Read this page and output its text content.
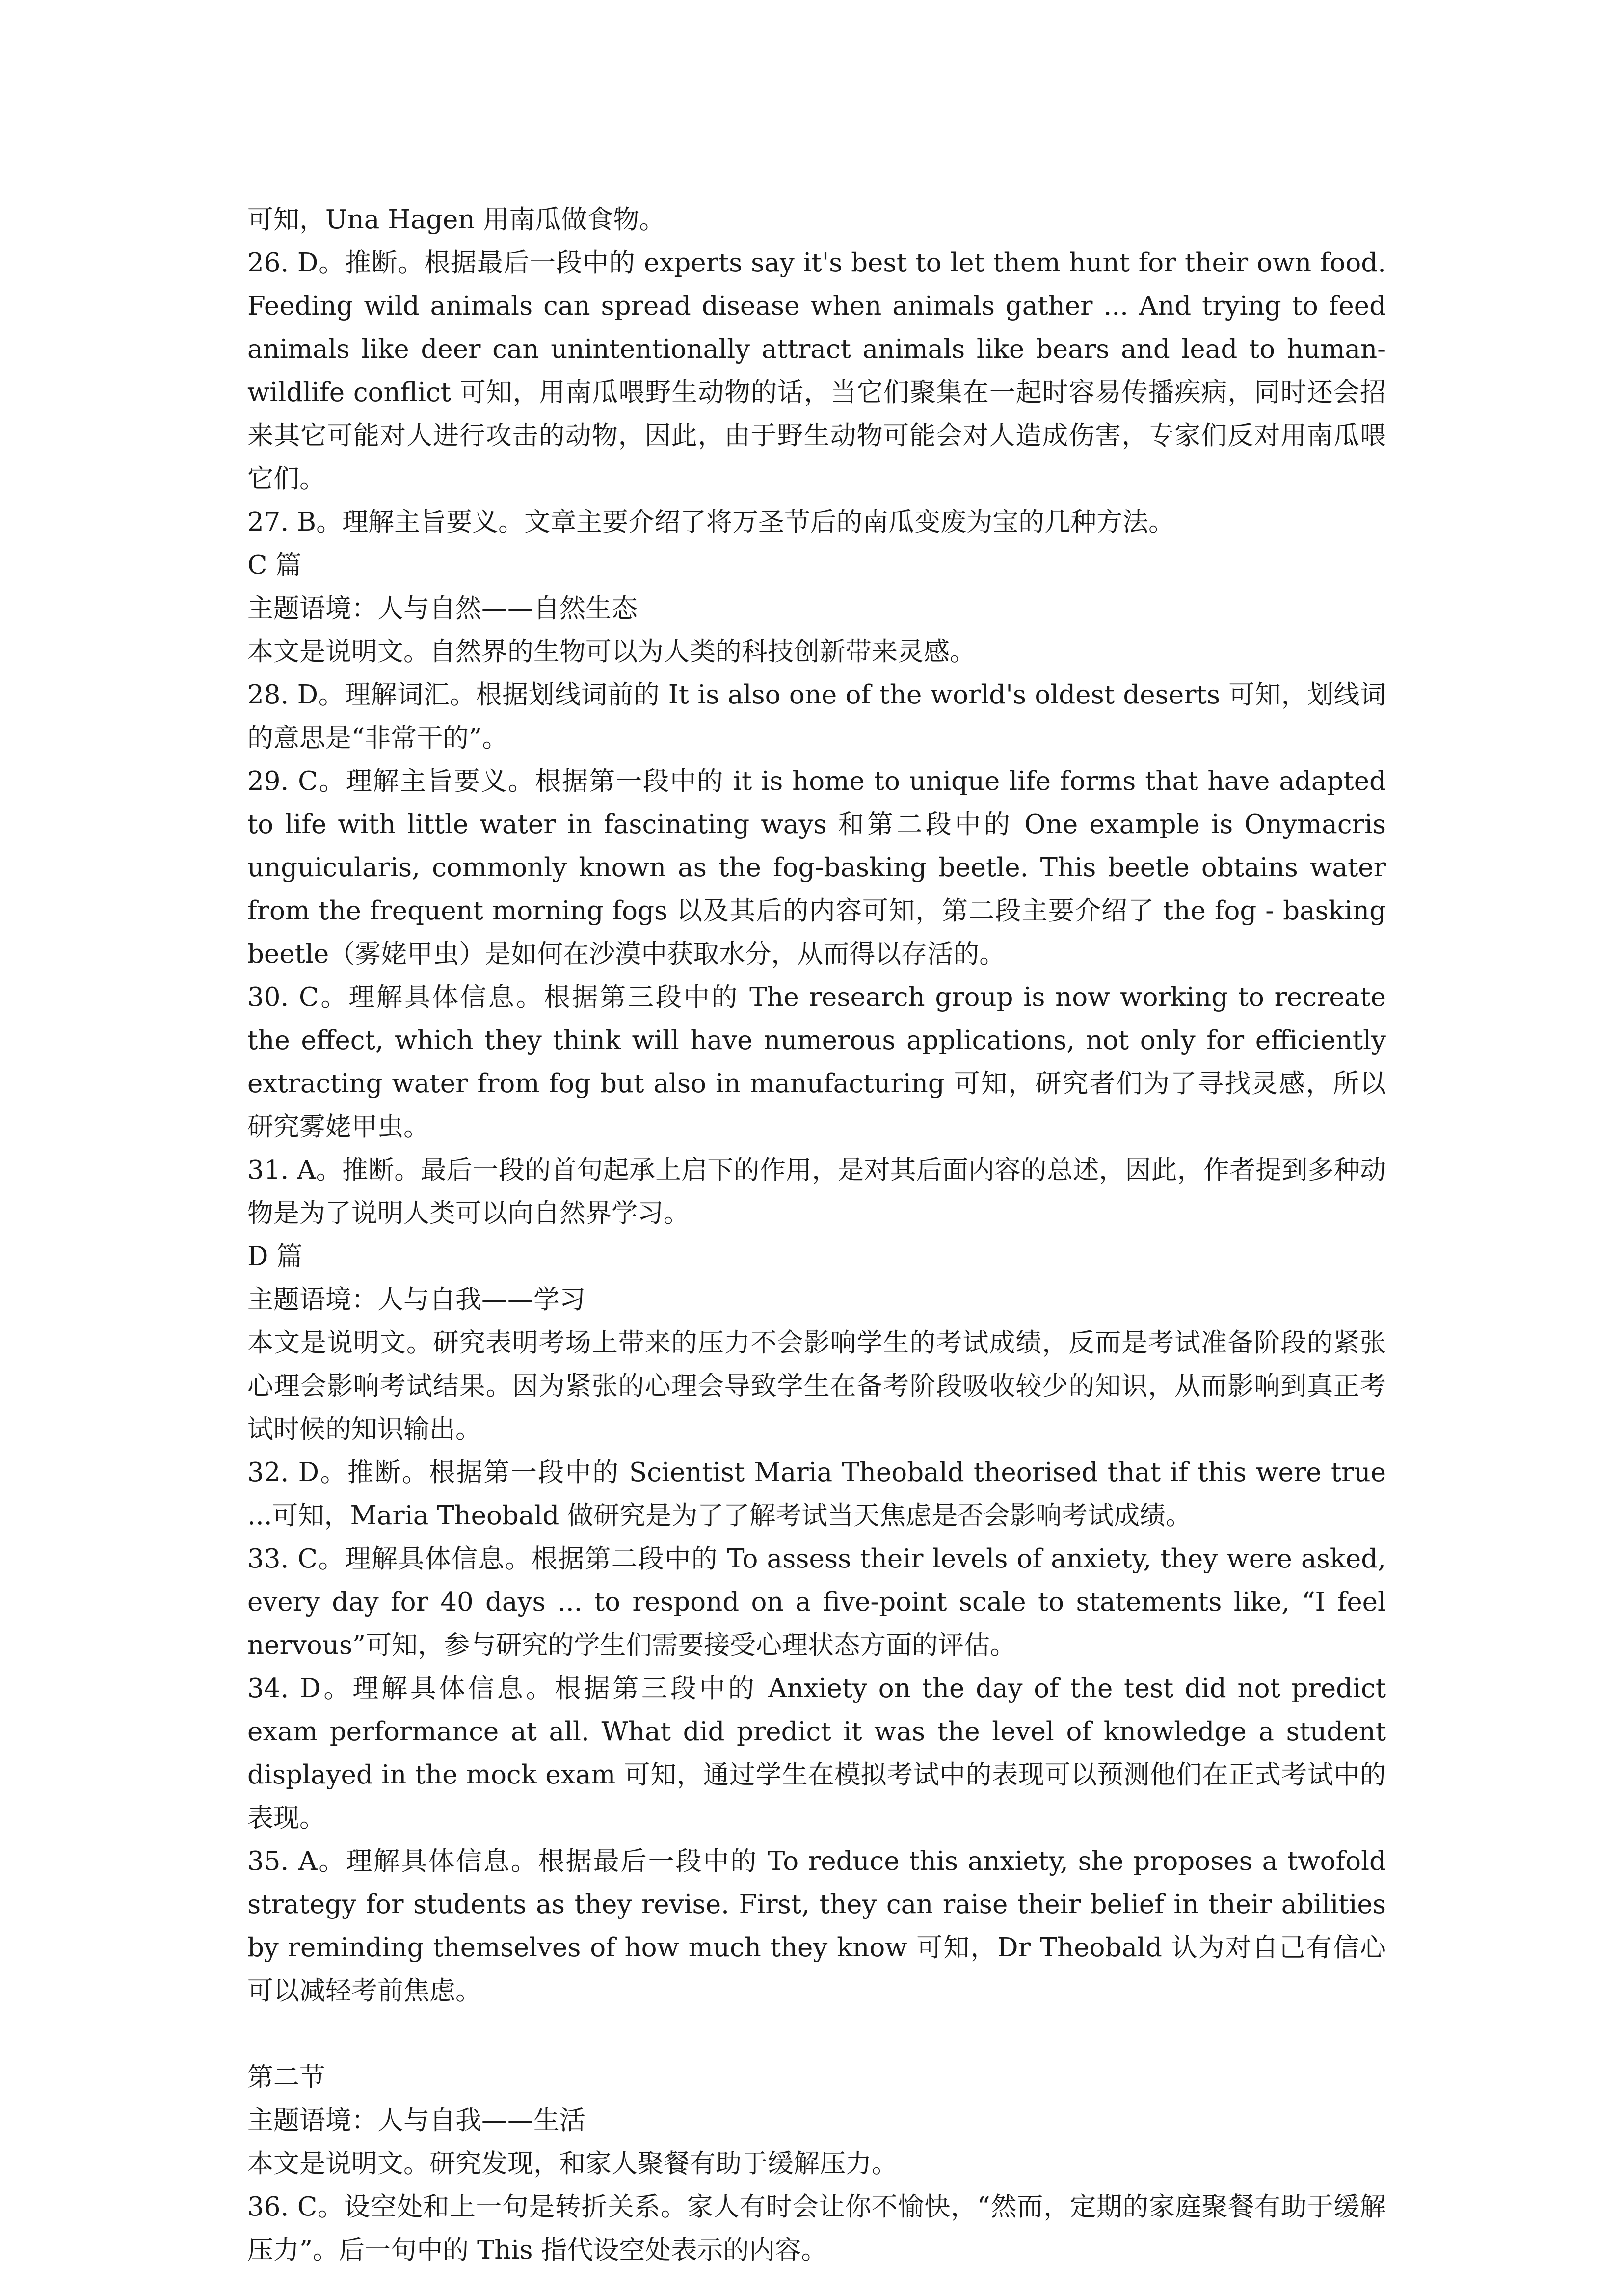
可知，Una Hagen 用南瓜做食物。

26. D。推断。根据最后一段中的 experts say it's best to let them hunt for their own food. Feeding wild animals can spread disease when animals gather ... And trying to feed animals like deer can unintentionally attract animals like bears and lead to human-wildlife conflict 可知，用南瓜喂野生动物的话，当它们聚集在一起时容易传播疾病，同时还会招来其它可能对人进行攻击的动物，因此，由于野生动物可能会对人造成伤害，专家们反对用南瓜喂它们。

27. B。理解主旨要义。文章主要介绍了将万圣节后的南瓜变废为宝的几种方法。

C 篇

主题语境：人与自然——自然生态

本文是说明文。自然界的生物可以为人类的科技创新带来灵感。

28. D。理解词汇。根据划线词前的 It is also one of the world's oldest deserts 可知，划线词的意思是“非常干的”。

29. C。理解主旨要义。根据第一段中的 it is home to unique life forms that have adapted to life with little water in fascinating ways 和第二段中的 One example is Onymacris unguicularis, commonly known as the fog-basking beetle. This beetle obtains water from the frequent morning fogs 以及其后的内容可知，第二段主要介绍了 the fog - basking beetle（雾姥甲虫）是如何在沙漠中获取水分，从而得以存活的。

30. C。理解具体信息。根据第三段中的 The research group is now working to recreate the effect, which they think will have numerous applications, not only for efficiently extracting water from fog but also in manufacturing 可知，研究者们为了寻找灵感，所以研究雾姥甲虫。

31. A。推断。最后一段的首句起承上启下的作用，是对其后面内容的总述，因此，作者提到多种动物是为了说明人类可以向自然界学习。

D 篇

主题语境：人与自我——学习

本文是说明文。研究表明考场上带来的压力不会影响学生的考试成绩，反而是考试准备阶段的紧张心理会影响考试结果。因为紧张的心理会导致学生在备考阶段吸收较少的知识，从而影响到真正考试时候的知识输出。

32. D。推断。根据第一段中的 Scientist Maria Theobald theorised that if this were true ...可知，Maria Theobald 做研究是为了了解考试当天焦虑是否会影响考试成绩。

33. C。理解具体信息。根据第二段中的 To assess their levels of anxiety, they were asked, every day for 40 days ... to respond on a five-point scale to statements like, “I feel nervous”可知，参与研究的学生们需要接受心理状态方面的评估。

34. D。理解具体信息。根据第三段中的 Anxiety on the day of the test did not predict exam performance at all. What did predict it was the level of knowledge a student displayed in the mock exam 可知，通过学生在模拟考试中的表现可以预测他们在正式考试中的表现。

35. A。理解具体信息。根据最后一段中的 To reduce this anxiety, she proposes a twofold strategy for students as they revise. First, they can raise their belief in their abilities by reminding themselves of how much they know 可知，Dr Theobald 认为对自己有信心可以减轻考前焦虑。

第二节

主题语境：人与自我——生活

本文是说明文。研究发现，和家人聚餐有助于缓解压力。

36. C。设空处和上一句是转折关系。家人有时会让你不愉快，“然而，定期的家庭聚餐有助于缓解压力”。后一句中的 This 指代设空处表示的内容。
